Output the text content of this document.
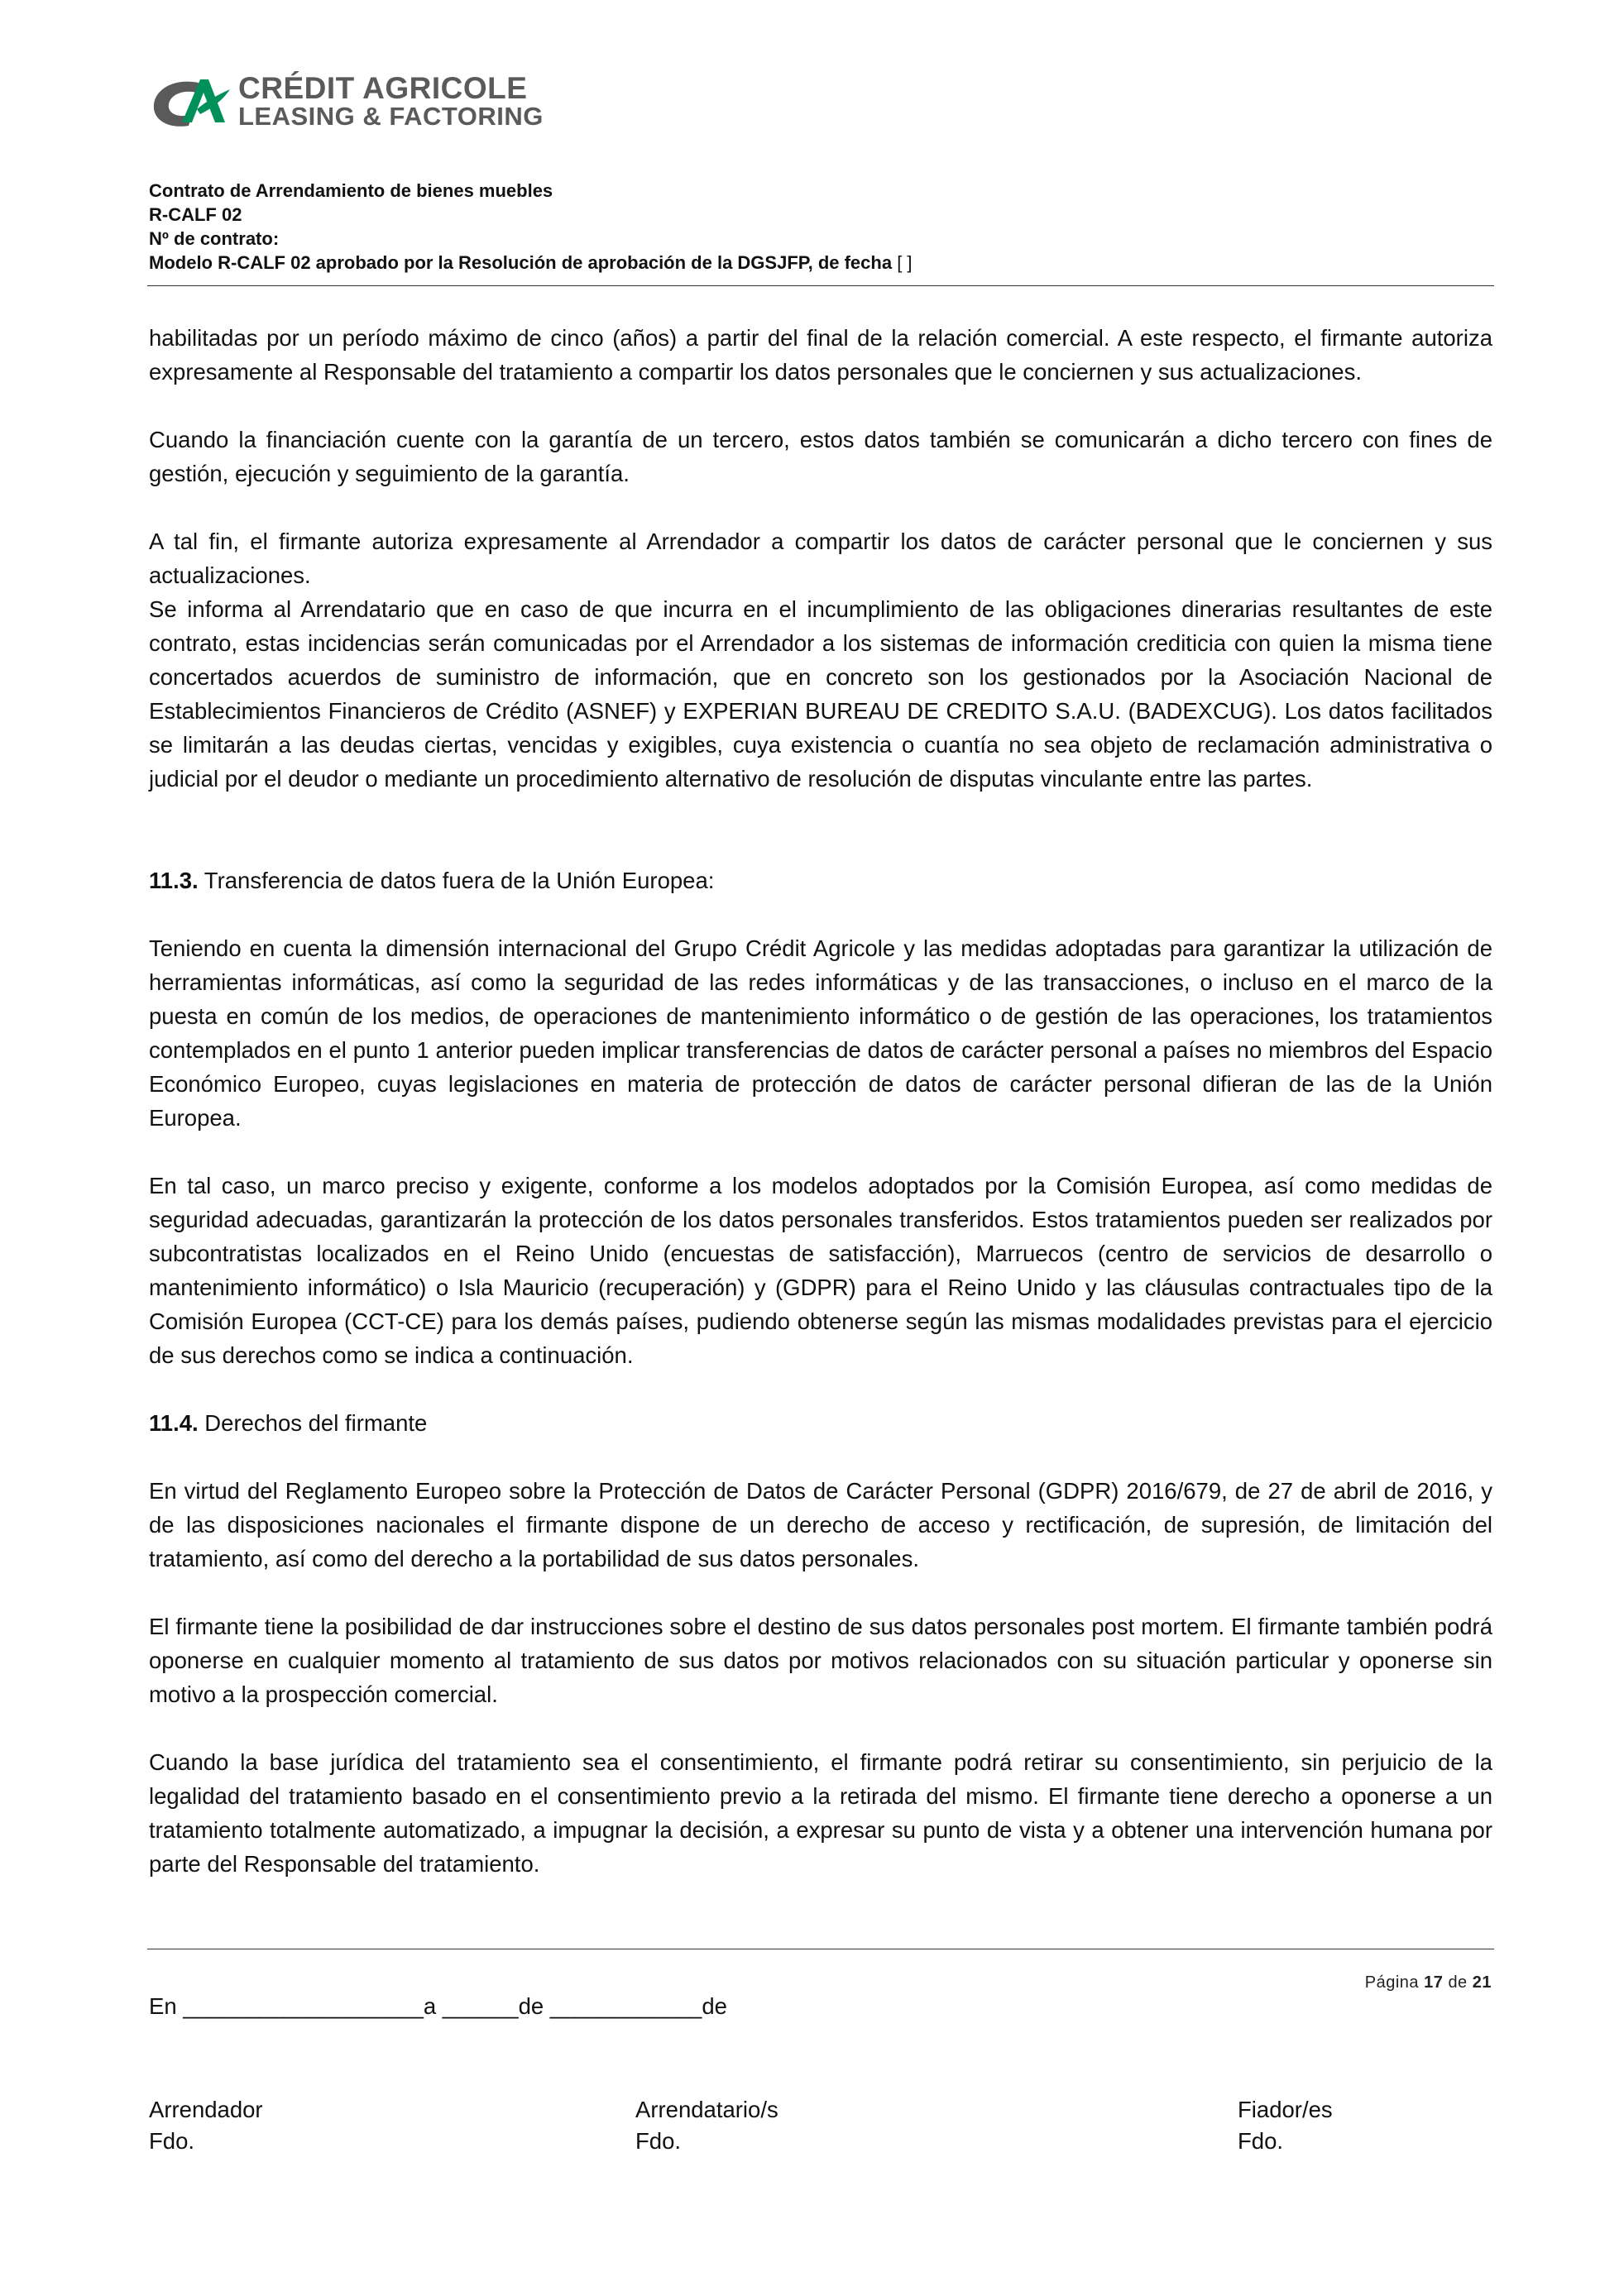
CRÉDIT AGRICOLE
LEASING & FACTORING
Contrato de Arrendamiento de bienes muebles
R-CALF 02
Nº de contrato:
Modelo R-CALF 02 aprobado por la Resolución de aprobación de la DGSJFP, de fecha [ ]

habilitadas por un período máximo de cinco (años) a partir del final de la relación comercial. A este respecto, el firmante autoriza expresamente al Responsable del tratamiento a compartir los datos personales que le conciernen y sus actualizaciones.

Cuando la financiación cuente con la garantía de un tercero, estos datos también se comunicarán a dicho tercero con fines de gestión, ejecución y seguimiento de la garantía.

A tal fin, el firmante autoriza expresamente al Arrendador a compartir los datos de carácter personal que le conciernen y sus actualizaciones.

Se informa al Arrendatario que en caso de que incurra en el incumplimiento de las obligaciones dinerarias resultantes de este contrato, estas incidencias serán comunicadas por el Arrendador a los sistemas de información crediticia con quien la misma tiene concertados acuerdos de suministro de información, que en concreto son los gestionados por la Asociación Nacional de Establecimientos Financieros de Crédito (ASNEF) y EXPERIAN BUREAU DE CREDITO S.A.U. (BADEXCUG). Los datos facilitados se limitarán a las deudas ciertas, vencidas y exigibles, cuya existencia o cuantía no sea objeto de reclamación administrativa o judicial por el deudor o mediante un procedimiento alternativo de resolución de disputas vinculante entre las partes.

11.3. Transferencia de datos fuera de la Unión Europea:

Teniendo en cuenta la dimensión internacional del Grupo Crédit Agricole y las medidas adoptadas para garantizar la utilización de herramientas informáticas, así como la seguridad de las redes informáticas y de las transacciones, o incluso en el marco de la puesta en común de los medios, de operaciones de mantenimiento informático o de gestión de las operaciones, los tratamientos contemplados en el punto 1 anterior pueden implicar transferencias de datos de carácter personal a países no miembros del Espacio Económico Europeo, cuyas legislaciones en materia de protección de datos de carácter personal difieran de las de la Unión Europea.

En tal caso, un marco preciso y exigente, conforme a los modelos adoptados por la Comisión Europea, así como medidas de seguridad adecuadas, garantizarán la protección de los datos personales transferidos. Estos tratamientos pueden ser realizados por subcontratistas localizados en el Reino Unido (encuestas de satisfacción), Marruecos (centro de servicios de desarrollo o mantenimiento informático) o Isla Mauricio (recuperación) y (GDPR) para el Reino Unido y las cláusulas contractuales tipo de la Comisión Europea (CCT-CE) para los demás países, pudiendo obtenerse según las mismas modalidades previstas para el ejercicio de sus derechos como se indica a continuación.

11.4. Derechos del firmante

En virtud del Reglamento Europeo sobre la Protección de Datos de Carácter Personal (GDPR) 2016/679, de 27 de abril de 2016, y de las disposiciones nacionales el firmante dispone de un derecho de acceso y rectificación, de supresión, de limitación del tratamiento, así como del derecho a la portabilidad de sus datos personales.

El firmante tiene la posibilidad de dar instrucciones sobre el destino de sus datos personales post mortem. El firmante también podrá oponerse en cualquier momento al tratamiento de sus datos por motivos relacionados con su situación particular y oponerse sin motivo a la prospección comercial.

Cuando la base jurídica del tratamiento sea el consentimiento, el firmante podrá retirar su consentimiento, sin perjuicio de la legalidad del tratamiento basado en el consentimiento previo a la retirada del mismo. El firmante tiene derecho a oponerse a un tratamiento totalmente automatizado, a impugnar la decisión, a expresar su punto de vista y a obtener una intervención humana por parte del Responsable del tratamiento.

Página 17 de 21
En ___________________a ______de ____________de
Arrendador
Fdo.
Arrendatario/s
Fdo.
Fiador/es
Fdo.
